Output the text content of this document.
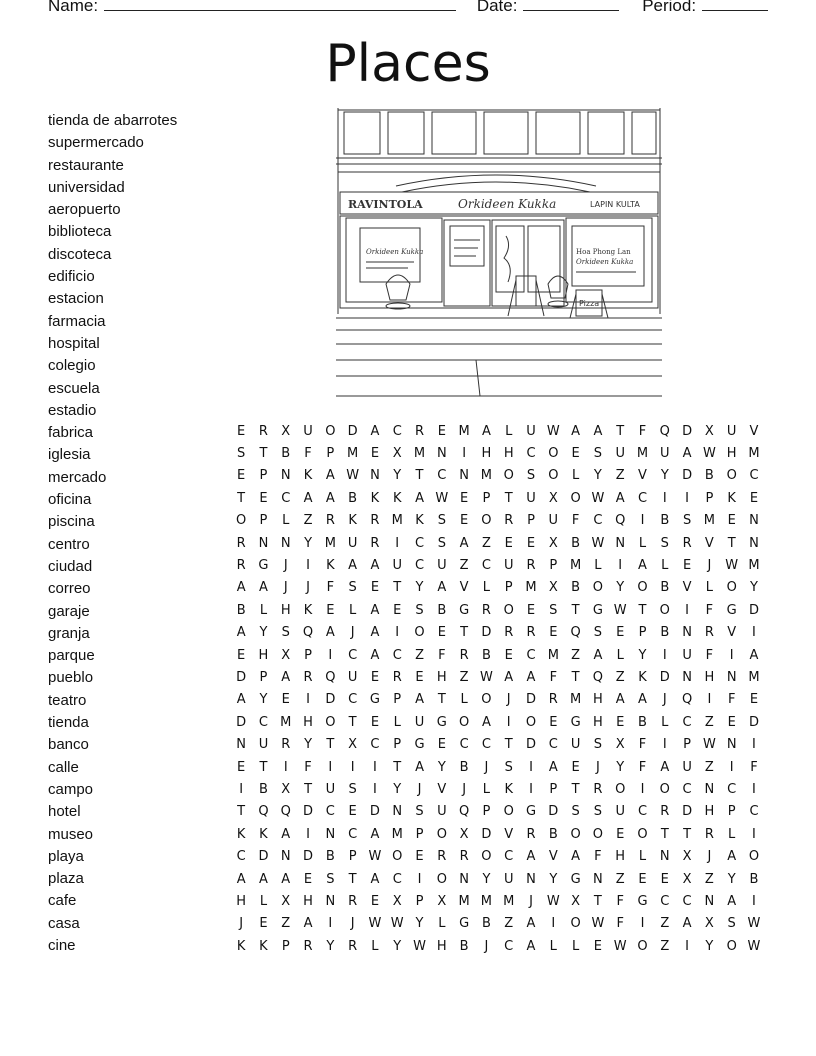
Name:	Date:	Period:
Places
tienda de abarrotes
supermercado
restaurante
universidad
aeropuerto
biblioteca
discoteca
edificio
estacion
farmacia
hospital
colegio
escuela
estadio
fabrica
iglesia
mercado
oficina
piscina
centro
ciudad
correo
garaje
granja
parque
pueblo
teatro
tienda
banco
calle
campo
hotel
museo
playa
plaza
cafe
casa
cine
RAVINTOLA	Orkideen Kukka	LAPIN KULTA
Orkideen Kukka	Hoa Phong Lan
Orkideen Kukka
Pizza
E	R	X	U	O	D	A	C	R	E	M	A	L	U	W	A	A	T	F	Q	D	X	U	V
S	T	B	F	P	M	E	X	M	N	I	H	H	C	O	E	S	U	M	U	A	W	H	M
E	P	N	K	A	W	N	Y	T	C	N	M	O	S	O	L	Y	Z	V	Y	D	B	O	C
T	E	C	A	A	B	K	K	A	W	E	P	T	U	X	O	W	A	C	I	I	P	K	E
O	P	L	Z	R	K	R	M	K	S	E	O	R	P	U	F	C	Q	I	B	S	M	E	N
R	N	N	Y	M	U	R	I	C	S	A	Z	E	E	X	B	W	N	L	S	R	V	T	N
R	G	J	I	K	A	A	U	C	U	Z	C	U	R	P	M	L	I	A	L	E	J	W	M
A	A	J	J	F	S	E	T	Y	A	V	L	P	M	X	B	O	Y	O	B	V	L	O	Y
B	L	H	K	E	L	A	E	S	B	G	R	O	E	S	T	G	W	T	O	I	F	G	D
A	Y	S	Q	A	J	A	I	O	E	T	D	R	R	E	Q	S	E	P	B	N	R	V	I
E	H	X	P	I	C	A	C	Z	F	R	B	E	C	M	Z	A	L	Y	I	U	F	I	A
D	P	A	R	Q	U	E	R	E	H	Z	W	A	A	F	T	Q	Z	K	D	N	H	N	M
A	Y	E	I	D	C	G	P	A	T	L	O	J	D	R	M	H	A	A	J	Q	I	F	E
D	C	M	H	O	T	E	L	U	G	O	A	I	O	E	G	H	E	B	L	C	Z	E	D
N	U	R	Y	T	X	C	P	G	E	C	C	T	D	C	U	S	X	F	I	P	W	N	I
E	T	I	F	I	I	I	T	A	Y	B	J	S	I	A	E	J	Y	F	A	U	Z	I	F
I	B	X	T	U	S	I	Y	J	V	J	L	K	I	P	T	R	O	I	O	C	N	C	I
T	Q	Q	D	C	E	D	N	S	U	Q	P	O	G	D	S	S	U	C	R	D	H	P	C
K	K	A	I	N	C	A	M	P	O	X	D	V	R	B	O	O	E	O	T	T	R	L	I
C	D	N	D	B	P	W	O	E	R	R	O	C	A	V	A	F	H	L	N	X	J	A	O
A	A	A	E	S	T	A	C	I	O	N	Y	U	N	Y	G	N	Z	E	E	X	Z	Y	B
H	L	X	H	N	R	E	X	P	X	M	M	M	J	W	X	T	F	G	C	C	N	A	I
J	E	Z	A	I	J	W	W	Y	L	G	B	Z	A	I	O	W	F	I	Z	A	X	S	W
K	K	P	R	Y	R	L	Y	W	H	B	J	C	A	L	L	E	W	O	Z	I	Y	O	W
